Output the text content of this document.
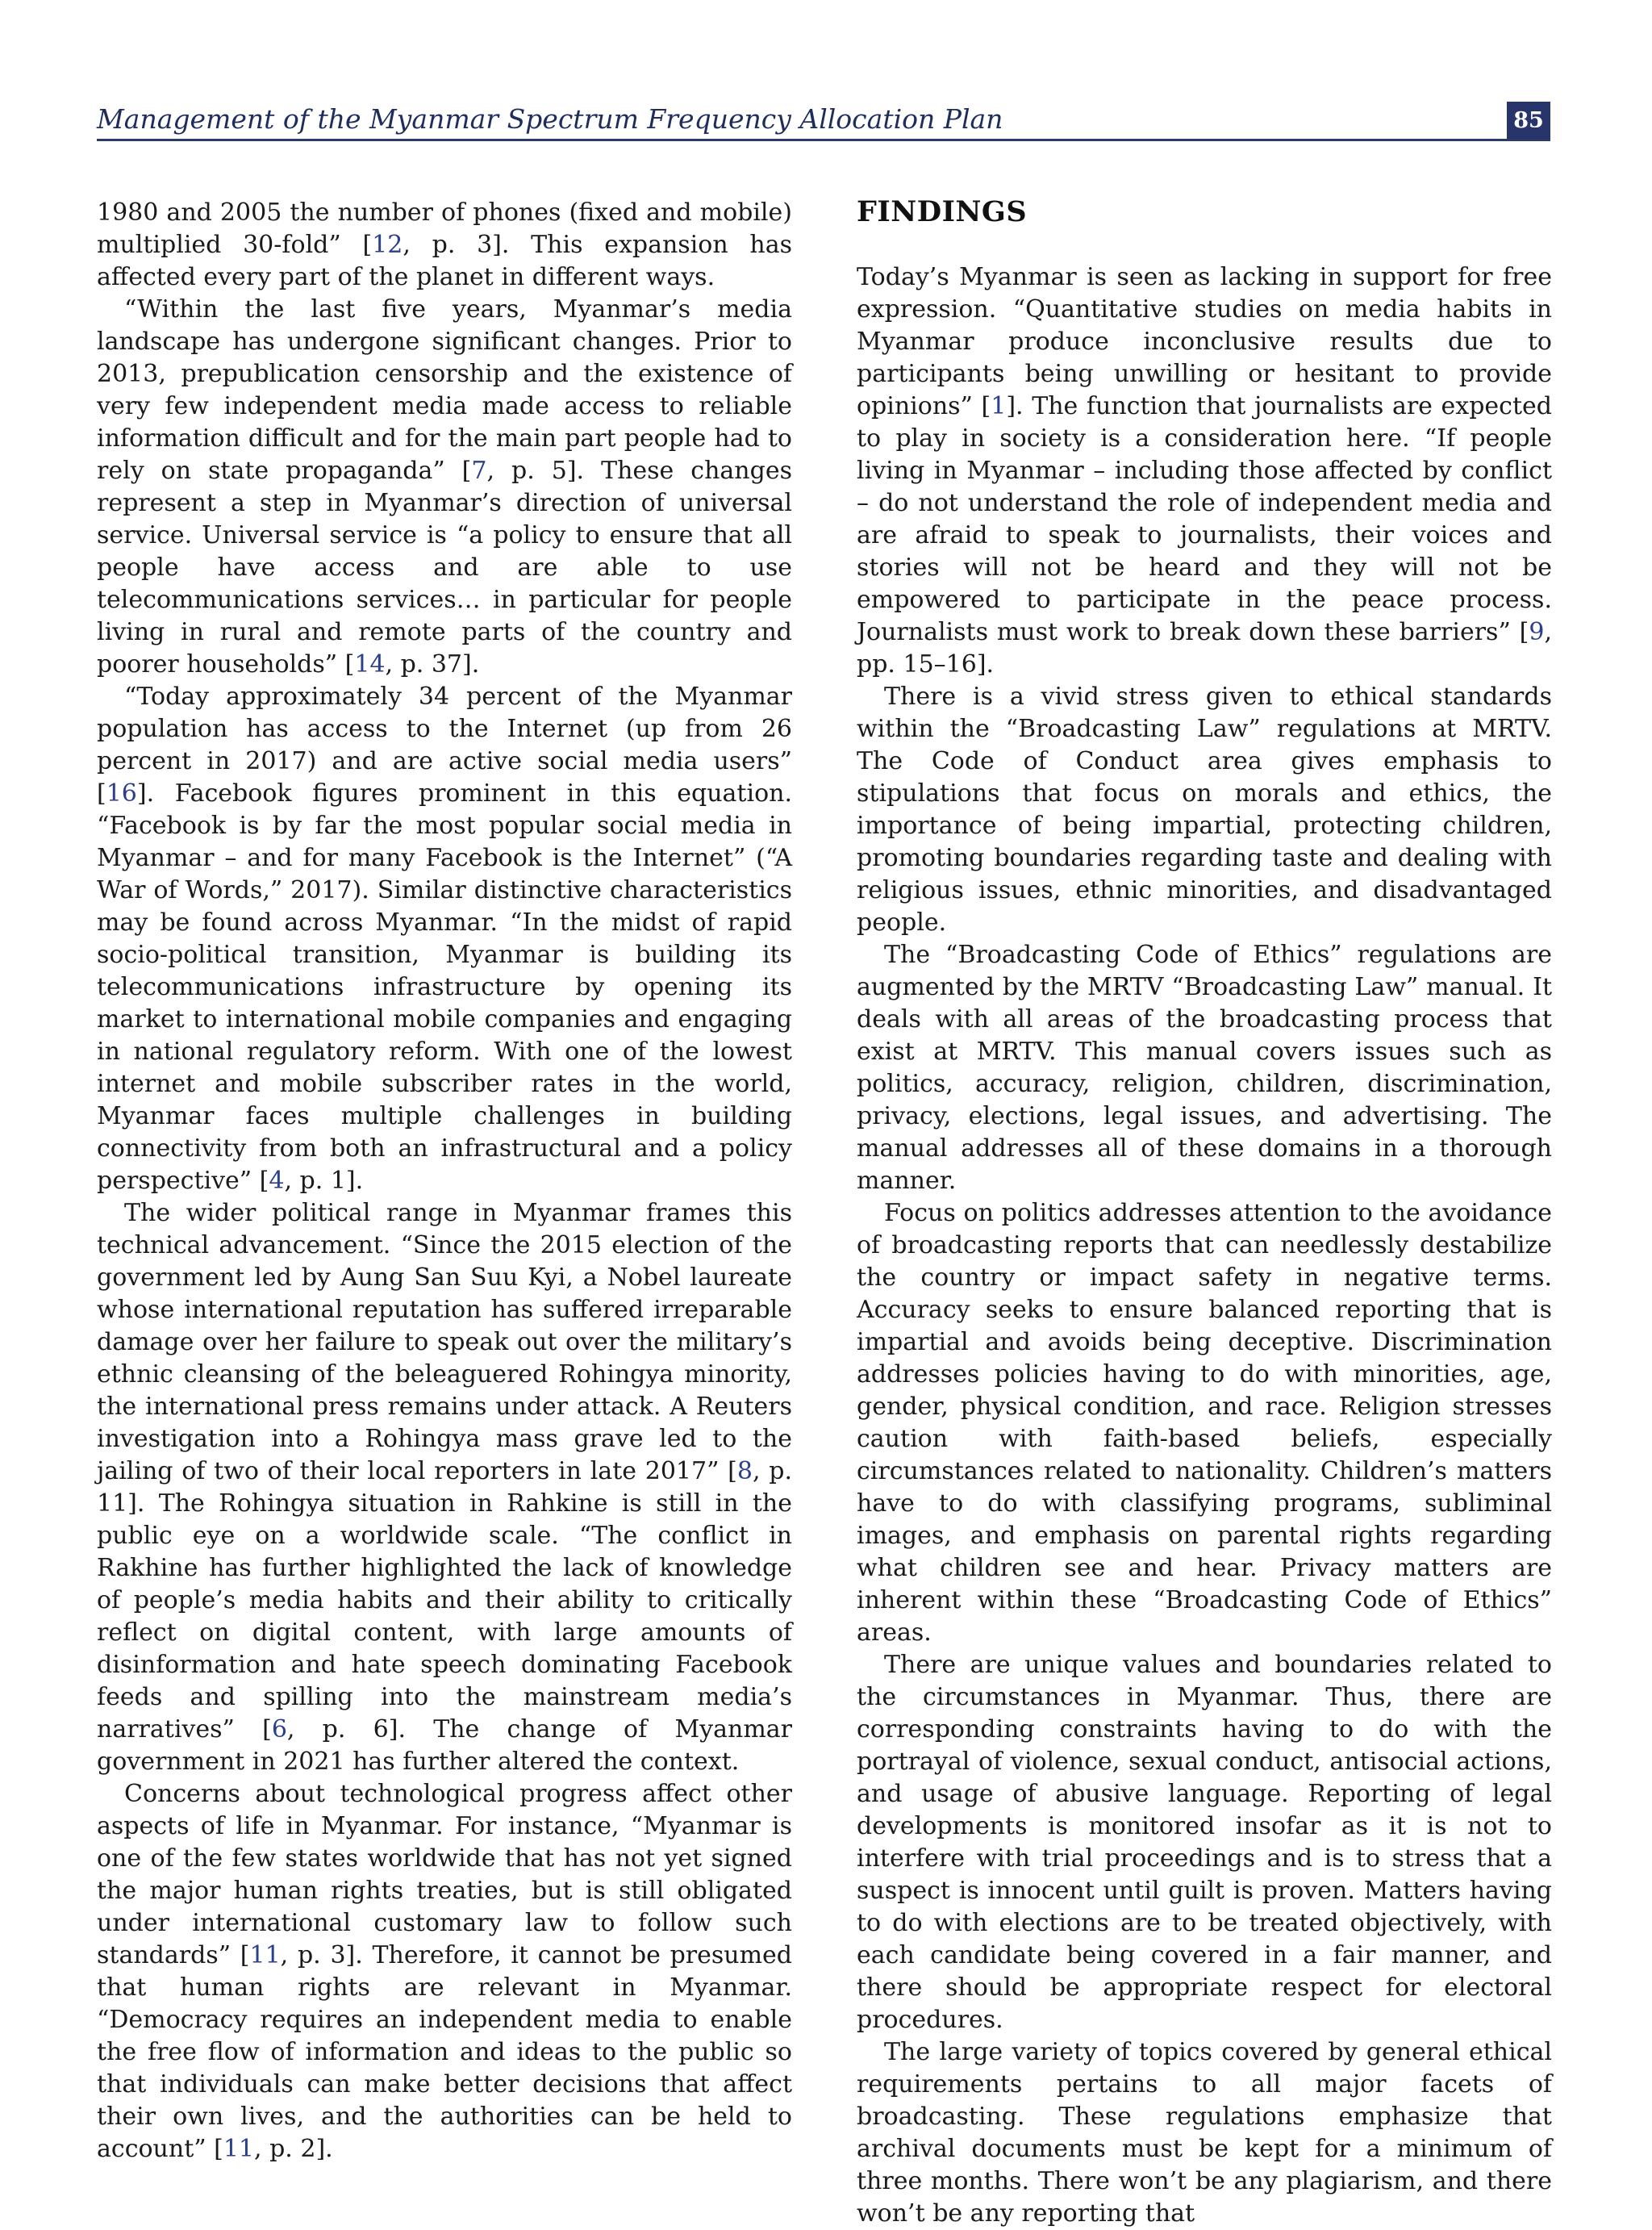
Management of the Myanmar Spectrum Frequency Allocation Plan	85

1980 and 2005 the number of phones (fixed and mobile) multiplied 30-fold” [12, p. 3]. This expansion has affected every part of the planet in different ways.

“Within the last five years, Myanmar’s media landscape has undergone significant changes. Prior to 2013, prepublication censorship and the existence of very few independent media made access to reliable information difficult and for the main part people had to rely on state propaganda” [7, p. 5]. These changes represent a step in Myanmar’s direction of universal service. Universal service is “a policy to ensure that all people have access and are able to use telecommunications services… in particular for people living in rural and remote parts of the country and poorer households” [14, p. 37].

“Today approximately 34 percent of the Myanmar population has access to the Internet (up from 26 percent in 2017) and are active social media users” [16]. Facebook figures prominent in this equation. “Facebook is by far the most popular social media in Myanmar – and for many Facebook is the Internet” (“A War of Words,” 2017). Similar distinctive characteristics may be found across Myanmar. “In the midst of rapid socio-political transition, Myanmar is building its telecommunications infrastructure by opening its market to international mobile companies and engaging in national regulatory reform. With one of the lowest internet and mobile subscriber rates in the world, Myanmar faces multiple challenges in building connectivity from both an infrastructural and a policy perspective” [4, p. 1].

The wider political range in Myanmar frames this technical advancement. “Since the 2015 election of the government led by Aung San Suu Kyi, a Nobel laureate whose international reputation has suffered irreparable damage over her failure to speak out over the military’s ethnic cleansing of the beleaguered Rohingya minority, the international press remains under attack. A Reuters investigation into a Rohingya mass grave led to the jailing of two of their local reporters in late 2017” [8, p. 11]. The Rohingya situation in Rahkine is still in the public eye on a worldwide scale. “The conflict in Rakhine has further highlighted the lack of knowledge of people’s media habits and their ability to critically reflect on digital content, with large amounts of disinformation and hate speech dominating Facebook feeds and spilling into the mainstream media’s narratives” [6, p. 6]. The change of Myanmar government in 2021 has further altered the context.

Concerns about technological progress affect other aspects of life in Myanmar. For instance, “Myanmar is one of the few states worldwide that has not yet signed the major human rights treaties, but is still obligated under international customary law to follow such standards” [11, p. 3]. Therefore, it cannot be presumed that human rights are relevant in Myanmar. “Democracy requires an independent media to enable the free flow of information and ideas to the public so that individuals can make better decisions that affect their own lives, and the authorities can be held to account” [11, p. 2].

FINDINGS

Today’s Myanmar is seen as lacking in support for free expression. “Quantitative studies on media habits in Myanmar produce inconclusive results due to participants being unwilling or hesitant to provide opinions” [1]. The function that journalists are expected to play in society is a consideration here. “If people living in Myanmar – including those affected by conflict – do not understand the role of independent media and are afraid to speak to journalists, their voices and stories will not be heard and they will not be empowered to participate in the peace process. Journalists must work to break down these barriers” [9, pp. 15–16].

There is a vivid stress given to ethical standards within the “Broadcasting Law” regulations at MRTV. The Code of Conduct area gives emphasis to stipulations that focus on morals and ethics, the importance of being impartial, protecting children, promoting boundaries regarding taste and dealing with religious issues, ethnic minorities, and disadvantaged people.

The “Broadcasting Code of Ethics” regulations are augmented by the MRTV “Broadcasting Law” manual. It deals with all areas of the broadcasting process that exist at MRTV. This manual covers issues such as politics, accuracy, religion, children, discrimination, privacy, elections, legal issues, and advertising. The manual addresses all of these domains in a thorough manner.

Focus on politics addresses attention to the avoidance of broadcasting reports that can needlessly destabilize the country or impact safety in negative terms. Accuracy seeks to ensure balanced reporting that is impartial and avoids being deceptive. Discrimination addresses policies having to do with minorities, age, gender, physical condition, and race. Religion stresses caution with faith-based beliefs, especially circumstances related to nationality. Children’s matters have to do with classifying programs, subliminal images, and emphasis on parental rights regarding what children see and hear. Privacy matters are inherent within these “Broadcasting Code of Ethics” areas.

There are unique values and boundaries related to the circumstances in Myanmar. Thus, there are corresponding constraints having to do with the portrayal of violence, sexual conduct, antisocial actions, and usage of abusive language. Reporting of legal developments is monitored insofar as it is not to interfere with trial proceedings and is to stress that a suspect is innocent until guilt is proven. Matters having to do with elections are to be treated objectively, with each candidate being covered in a fair manner, and there should be appropriate respect for electoral procedures.

The large variety of topics covered by general ethical requirements pertains to all major facets of broadcasting. These regulations emphasize that archival documents must be kept for a minimum of three months. There won’t be any plagiarism, and there won’t be any reporting that
